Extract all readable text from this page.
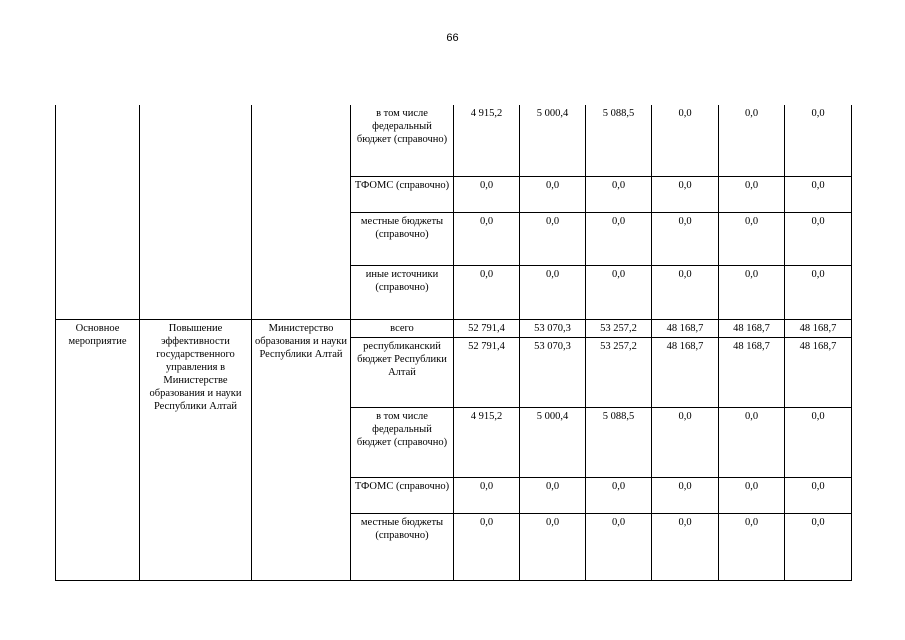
66
			в том числе федеральный бюджет (справочно)	4 915,2	5 000,4	5 088,5	0,0	0,0	0,0
			ТФОМС (справочно)	0,0	0,0	0,0	0,0	0,0	0,0
			местные бюджеты (справочно)	0,0	0,0	0,0	0,0	0,0	0,0
			иные источники (справочно)	0,0	0,0	0,0	0,0	0,0	0,0
Основное мероприятие	Повышение эффективности государственного управления в Министерстве образования и науки Республики Алтай	Министерство образования и науки Республики Алтай	всего	52 791,4	53 070,3	53 257,2	48 168,7	48 168,7	48 168,7
			республиканский бюджет Республики Алтай	52 791,4	53 070,3	53 257,2	48 168,7	48 168,7	48 168,7
			в том числе федеральный бюджет (справочно)	4 915,2	5 000,4	5 088,5	0,0	0,0	0,0
			ТФОМС (справочно)	0,0	0,0	0,0	0,0	0,0	0,0
			местные бюджеты (справочно)	0,0	0,0	0,0	0,0	0,0	0,0
